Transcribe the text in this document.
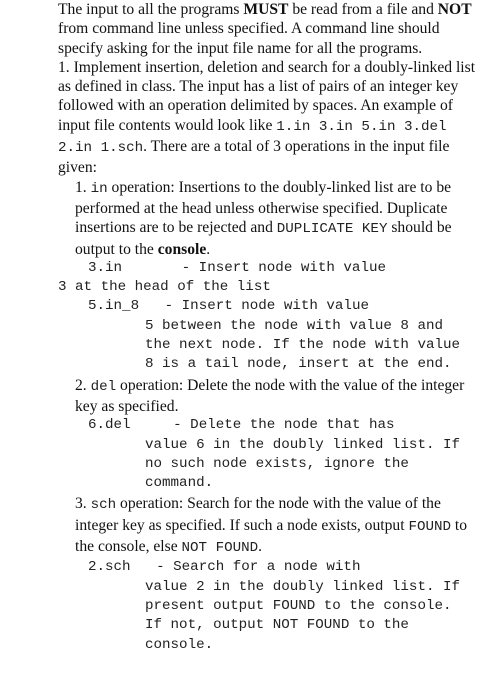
The input to all the programs MUST be read from a file and NOT from command line unless specified. A command line should specify asking for the input file name for all the programs.

1. Implement insertion, deletion and search for a doubly-linked list as defined in class. The input has a list of pairs of an integer key followed with an operation delimited by spaces. An example of input file contents would look like 1.in 3.in 5.in 3.del 2.in 1.sch. There are a total of 3 operations in the input file given:

1. in operation: Insertions to the doubly-linked list are to be performed at the head unless otherwise specified. Duplicate insertions are to be rejected and DUPLICATE KEY should be output to the console.

3.in       - Insert node with value
3 at the head of the list
5.in_8   - Insert node with value
5 between the node with value 8 and the next node. If the node with value 8 is a tail node, insert at the end.

2. del operation: Delete the node with the value of the integer key as specified.

6.del     - Delete the node that has
value 6 in the doubly linked list. If no such node exists, ignore the command.

3. sch operation: Search for the node with the value of the integer key as specified. If such a node exists, output FOUND to the console, else NOT FOUND.

2.sch   - Search for a node with
value 2 in the doubly linked list. If present output FOUND to the console. If not, output NOT FOUND to the console.
